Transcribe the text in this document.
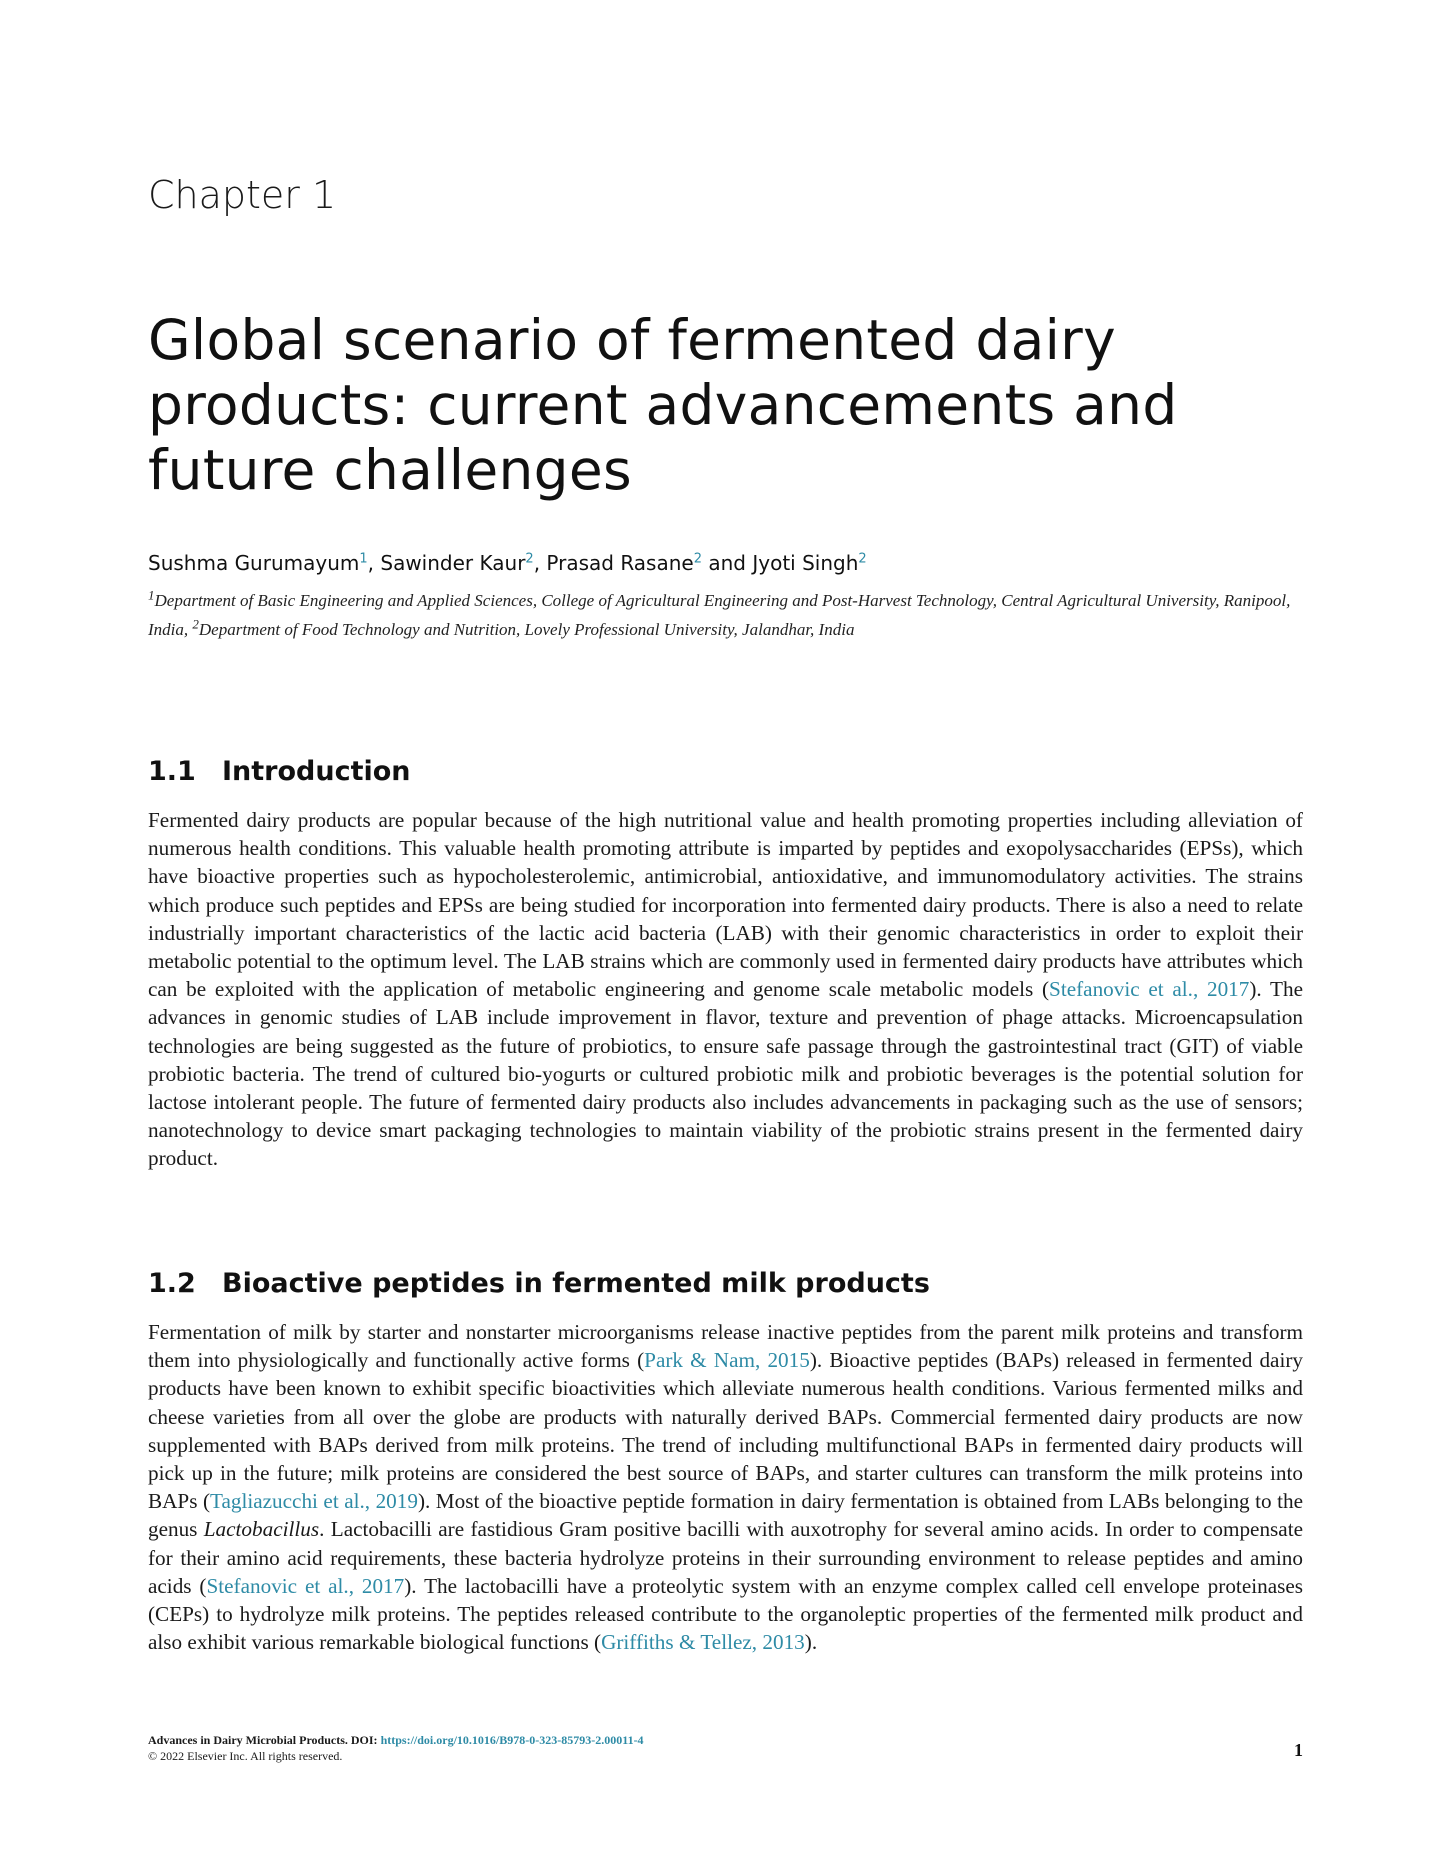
Chapter 1
Global scenario of fermented dairy
products: current advancements and
future challenges

Sushma Gurumayum$^1$, Sawinder Kaur$^2$, Prasad Rasane$^2$ and Jyoti Singh$^2$

$^1$Department of Basic Engineering and Applied Sciences, College of Agricultural Engineering and Post-Harvest Technology, Central Agricultural University, Ranipool, India, $^2$Department of Food Technology and Nutrition, Lovely Professional University, Jalandhar, India

1.1 Introduction

Fermented dairy products are popular because of the high nutritional value and health promoting properties including alleviation of numerous health conditions. This valuable health promoting attribute is imparted by peptides and exopolysaccharides (EPSs), which have bioactive properties such as hypocholesterolemic, antimicrobial, antioxidative, and immunomodulatory activities. The strains which produce such peptides and EPSs are being studied for incorporation into fermented dairy products. There is also a need to relate industrially important characteristics of the lactic acid bacteria (LAB) with their genomic characteristics in order to exploit their metabolic potential to the optimum level. The LAB strains which are commonly used in fermented dairy products have attributes which can be exploited with the application of metabolic engineering and genome scale metabolic models (Stefanovic et al., 2017). The advances in genomic studies of LAB include improvement in flavor, texture and prevention of phage attacks. Microencapsulation technologies are being suggested as the future of probiotics, to ensure safe passage through the gastrointestinal tract (GIT) of viable probiotic bacteria. The trend of cultured bio-yogurts or cultured probiotic milk and probiotic beverages is the potential solution for lactose intolerant people. The future of fermented dairy products also includes advancements in packaging such as the use of sensors; nanotechnology to device smart packaging technologies to maintain viability of the probiotic strains present in the fermented dairy product.

1.2 Bioactive peptides in fermented milk products

Fermentation of milk by starter and nonstarter microorganisms release inactive peptides from the parent milk proteins and transform them into physiologically and functionally active forms (Park & Nam, 2015). Bioactive peptides (BAPs) released in fermented dairy products have been known to exhibit specific bioactivities which alleviate numerous health conditions. Various fermented milks and cheese varieties from all over the globe are products with naturally derived BAPs. Commercial fermented dairy products are now supplemented with BAPs derived from milk proteins. The trend of including multifunctional BAPs in fermented dairy products will pick up in the future; milk proteins are considered the best source of BAPs, and starter cultures can transform the milk proteins into BAPs (Tagliazucchi et al., 2019). Most of the bioactive peptide formation in dairy fermentation is obtained from LABs belonging to the genus Lactobacillus. Lactobacilli are fastidious Gram positive bacilli with auxotrophy for several amino acids. In order to compensate for their amino acid requirements, these bacteria hydrolyze proteins in their surrounding environment to release peptides and amino acids (Stefanovic et al., 2017). The lactobacilli have a proteolytic system with an enzyme complex called cell envelope proteinases (CEPs) to hydrolyze milk proteins. The peptides released contribute to the organoleptic properties of the fermented milk product and also exhibit various remarkable biological functions (Griffiths & Tellez, 2013).

Advances in Dairy Microbial Products. DOI: https://doi.org/10.1016/B978-0-323-85793-2.00011-4
© 2022 Elsevier Inc. All rights reserved.	1
